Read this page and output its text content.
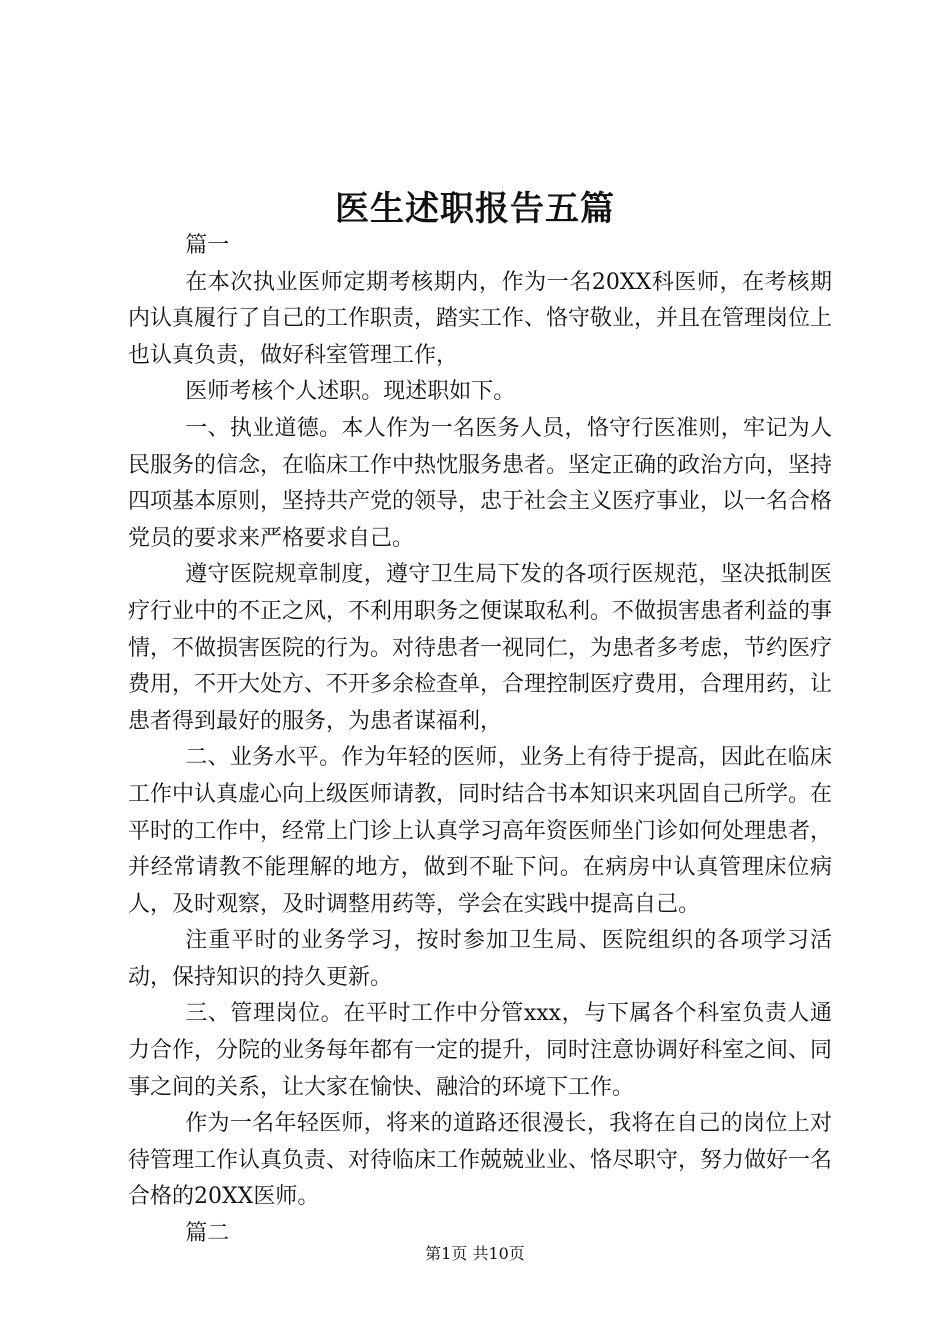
医生述职报告五篇

篇一

在本次执业医师定期考核期内，作为一名20XX科医师，在考核期内认真履行了自己的工作职责，踏实工作、恪守敬业，并且在管理岗位上也认真负责，做好科室管理工作，

医师考核个人述职。现述职如下。

一、执业道德。本人作为一名医务人员，恪守行医准则，牢记为人民服务的信念，在临床工作中热忱服务患者。坚定正确的政治方向，坚持四项基本原则，坚持共产党的领导，忠于社会主义医疗事业，以一名合格党员的要求来严格要求自己。

遵守医院规章制度，遵守卫生局下发的各项行医规范，坚决抵制医疗行业中的不正之风，不利用职务之便谋取私利。不做损害患者利益的事情，不做损害医院的行为。对待患者一视同仁，为患者多考虑，节约医疗费用，不开大处方、不开多余检查单，合理控制医疗费用，合理用药，让患者得到最好的服务，为患者谋福利，

二、业务水平。作为年轻的医师，业务上有待于提高，因此在临床工作中认真虚心向上级医师请教，同时结合书本知识来巩固自己所学。在平时的工作中，经常上门诊上认真学习高年资医师坐门诊如何处理患者，并经常请教不能理解的地方，做到不耻下问。在病房中认真管理床位病人，及时观察，及时调整用药等，学会在实践中提高自己。

注重平时的业务学习，按时参加卫生局、医院组织的各项学习活动，保持知识的持久更新。

三、管理岗位。在平时工作中分管xxx，与下属各个科室负责人通力合作，分院的业务每年都有一定的提升，同时注意协调好科室之间、同事之间的关系，让大家在愉快、融洽的环境下工作。

作为一名年轻医师，将来的道路还很漫长，我将在自己的岗位上对待管理工作认真负责、对待临床工作兢兢业业、恪尽职守，努力做好一名合格的20XX医师。

篇二

第1页 共10页
